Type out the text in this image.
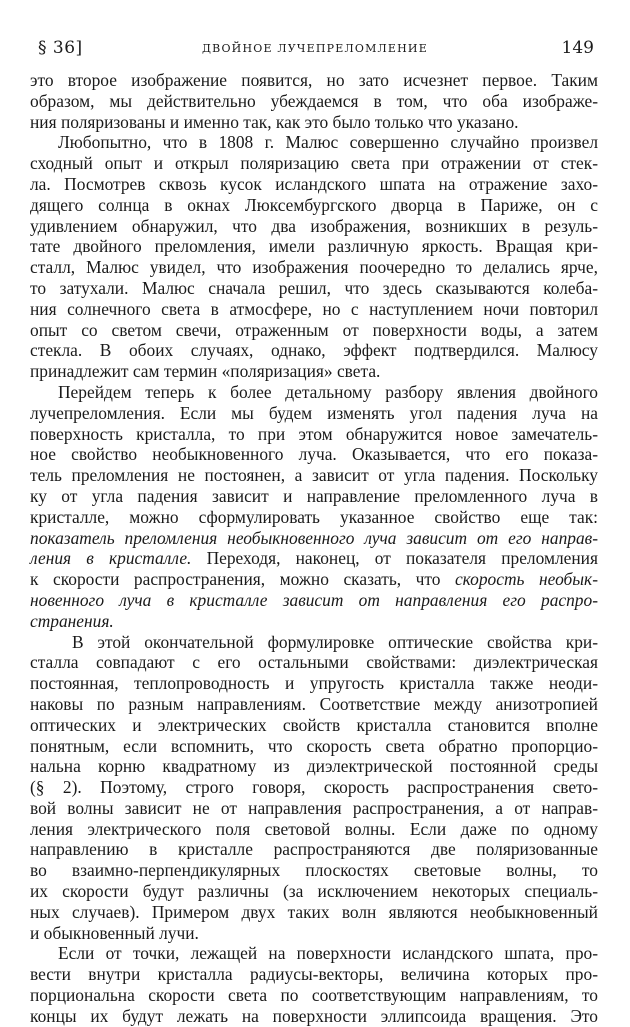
§ 36]	ДВОЙНОЕ ЛУЧЕПРЕЛОМЛЕНИЕ	149
это второе изображение появится, но зато исчезнет первое. Таким
образом, мы действительно убеждаемся в том, что оба изображе-
ния поляризованы и именно так, как это было только что указано.
Любопытно, что в 1808 г. Малюс совершенно случайно произвел
сходный опыт и открыл поляризацию света при отражении от стек-
ла. Посмотрев сквозь кусок исландского шпата на отражение захо-
дящего солнца в окнах Люксембургского дворца в Париже, он с
удивлением обнаружил, что два изображения, возникших в резуль-
тате двойного преломления, имели различную яркость. Вращая кри-
сталл, Малюс увидел, что изображения поочередно то делались ярче,
то затухали. Малюс сначала решил, что здесь сказываются колеба-
ния солнечного света в атмосфере, но с наступлением ночи повторил
опыт со светом свечи, отраженным от поверхности воды, а затем
стекла. В обоих случаях, однако, эффект подтвердился. Малюсу
принадлежит сам термин «поляризация» света.
Перейдем теперь к более детальному разбору явления двойного
лучепреломления. Если мы будем изменять угол падения луча на
поверхность кристалла, то при этом обнаружится новое замечатель-
ное свойство необыкновенного луча. Оказывается, что его показа-
тель преломления не постоянен, а зависит от угла падения. Поскольку
ку от угла падения зависит и направление преломленного луча в
кристалле, можно сформулировать указанное свойство еще так:
показатель преломления необыкновенного луча зависит от его направ-
ления в кристалле. Переходя, наконец, от показателя преломления
к скорости распространения, можно сказать, что скорость необык-
новенного луча в кристалле зависит от направления его распро-
странения.
В этой окончательной формулировке оптические свойства кри-
сталла совпадают с его остальными свойствами: диэлектрическая
постоянная, теплопроводность и упругость кристалла также неоди-
наковы по разным направлениям. Соответствие между анизотропией
оптических и электрических свойств кристалла становится вполне
понятным, если вспомнить, что скорость света обратно пропорцио-
нальна корню квадратному из диэлектрической постоянной среды
(§ 2). Поэтому, строго говоря, скорость распространения свето-
вой волны зависит не от направления распространения, а от направ-
ления электрического поля световой волны. Если даже по одному
направлению в кристалле распространяются две поляризованные
во взаимно-перпендикулярных плоскостях световые волны, то
их скорости будут различны (за исключением некоторых специаль-
ных случаев). Примером двух таких волн являются необыкновенный
и обыкновенный лучи.
Если от точки, лежащей на поверхности исландского шпата, про-
вести внутри кристалла радиусы-векторы, величина которых про-
порциональна скорости света по соответствующим направлениям, то
концы их будут лежать на поверхности эллипсоида вращения. Это
